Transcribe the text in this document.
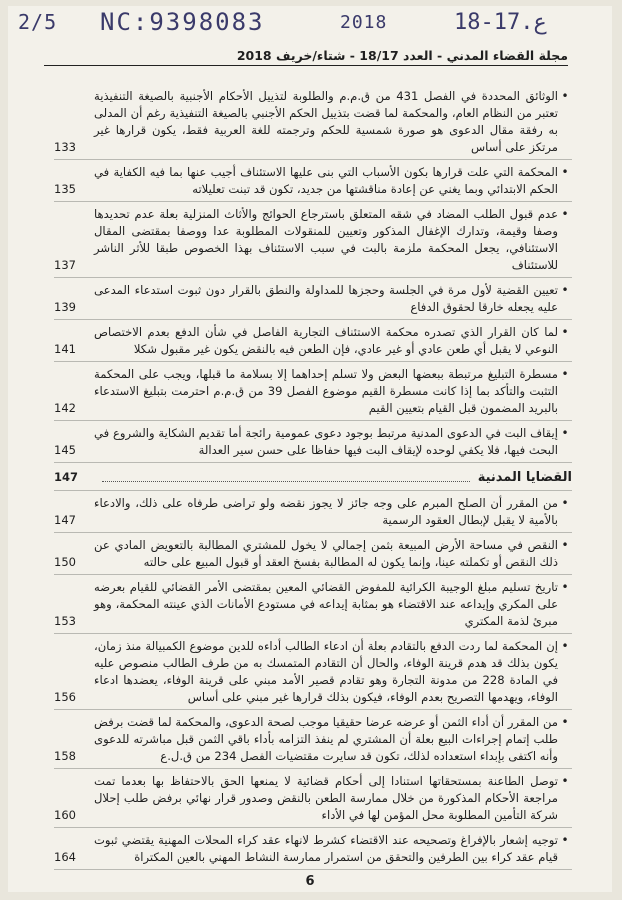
2/5 NC:9398083	2018	18-17.ع
مجلة القضاء المدني - العدد 18/17 - شتاء/خريف 2018
•
الوثائق المحددة في الفصل 431 من ق.م.م والطلوبة لتذييل الأحكام الأجنبية بالصيغة التنفيذية تعتبر من النظام العام، والمحكمة لما قضت بتذييل الحكم الأجنبي بالصيغة التنفيذية رغم أن المدلى به رفقة مقال الدعوى هو صورة شمسية للحكم وترجمته للغة العربية فقط، يكون قرارها غير مرتكز على أساس
133
•
المحكمة التي علت قرارها بكون الأسباب التي بنى عليها الاستئناف أجيب عنها بما فيه الكفاية في الحكم الابتدائي وبما يغني عن إعادة مناقشتها من جديد، تكون قد تبنت تعليلاته
135
•
عدم قبول الطلب المضاد في شقه المتعلق باسترجاع الحوائج والأثاث المنزلية بعلة عدم تحديدها وصفا وقيمة، وتدارك الإغفال المذكور وتعيين للمنقولات المطلوبة عدا ووصفا بمقتضى المقال الاستئنافي، يجعل المحكمة ملزمة بالبت في سبب الاستئناف بهذا الخصوص طبقا للأثر الناشر للاستئناف
137
•
تعيين القضية لأول مرة في الجلسة وحجزها للمداولة والنطق بالقرار دون ثبوت استدعاء المدعى عليه يجعله خارقا لحقوق الدفاع
139
•
لما كان القرار الذي تصدره محكمة الاستئناف التجارية الفاصل في شأن الدفع بعدم الاختصاص النوعي لا يقبل أي طعن عادي أو غير عادي، فإن الطعن فيه بالنقض يكون غير مقبول شكلا
141
•
مسطرة التبليغ مرتبطة ببعضها البعض ولا تسلم إحداهما إلا بسلامة ما قبلها، ويجب على المحكمة التثبت والتأكد بما إذا كانت مسطرة القيم موضوع الفصل 39 من ق.م.م احترمت بتبليغ الاستدعاء بالبريد المضمون قبل القيام بتعيين القيم
142
•
إيقاف البت في الدعوى المدنية مرتبط بوجود دعوى عمومية رائجة أما تقديم الشكاية والشروع في البحث فيها، فلا يكفي لوحده لإيقاف البت فيها حفاظا على حسن سير العدالة
145
القضايا المدنية
147
•
من المقرر أن الصلح المبرم على وجه جائز لا يجوز نقضه ولو تراضى طرفاه على ذلك، والادعاء بالأمية لا يقبل لإبطال العقود الرسمية
147
•
النقص في مساحة الأرض المبيعة بثمن إجمالي لا يخول للمشتري المطالبة بالتعويض المادي عن ذلك النقص أو تكملته عينا، وإنما يكون له المطالبة بفسخ العقد أو قبول المبيع على حالته
150
•
تاريخ تسليم مبلغ الوجيبة الكرائية للمفوض القضائي المعين بمقتضى الأمر القضائي للقيام بعرضه على المكري وإيداعه عند الاقتضاء هو بمثابة إيداعه في مستودع الأمانات الذي عينته المحكمة، وهو مبرئ لذمة المكتري
153
•
إن المحكمة لما ردت الدفع بالتقادم بعلة أن ادعاء الطالب أداءه للدين موضوع الكمبيالة منذ زمان، يكون بذلك قد هدم قرينة الوفاء، والحال أن التقادم المتمسك به من طرف الطالب منصوص عليه في المادة 228 من مدونة التجارة وهو تقادم قصير الأمد مبني على قرينة الوفاء، يعضدها ادعاء الوفاء، ويهدمها التصريح بعدم الوفاء، فيكون بذلك قرارها غير مبني على أساس
156
•
من المقرر أن أداء الثمن أو عرضه عرضا حقيقيا موجب لصحة الدعوى، والمحكمة لما قضت برفض طلب إتمام إجراءات البيع بعلة أن المشتري لم ينفذ التزامه بأداء باقي الثمن قبل مباشرته للدعوى وأنه اكتفى بإبداء استعداده لذلك، تكون قد سايرت مقتضيات الفصل 234 من ق.ل.ع
158
•
توصل الطاعنة بمستحقاتها استنادا إلى أحكام قضائية لا يمنعها الحق بالاحتفاظ بها بعدما تمت مراجعة الأحكام المذكورة من خلال ممارسة الطعن بالنقض وصدور قرار نهائي برفض طلب إحلال شركة التأمين المطلوبة محل المؤمن لها في الأداء
160
•
توجيه إشعار بالإفراغ وتصحيحه عند الاقتضاء كشرط لانهاء عقد كراء المحلات المهنية يقتضي ثبوت قيام عقد كراء بين الطرفين والتحقق من استمرار ممارسة النشاط المهني بالعين المكتراة
164
6
